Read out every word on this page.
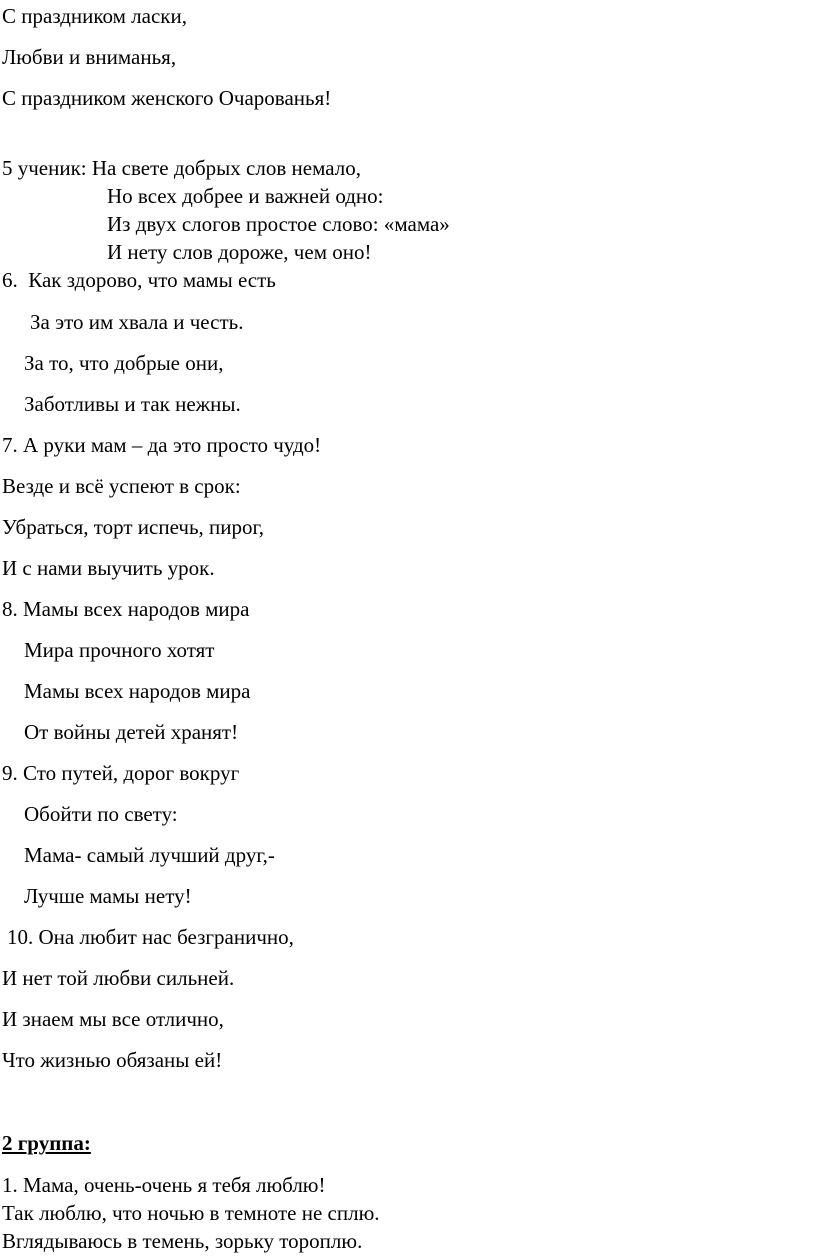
С праздником ласки,
Любви и вниманья,
С праздником женского Очарованья!
5 ученик: На свете добрых слов немало,
Но всех добрее и важней одно:
Из двух слогов простое слово: «мама»
И нету слов дороже, чем оно!
6.  Как здорово, что мамы есть
За это им хвала и честь.
За то, что добрые они,
Заботливы и так нежны.
7. А руки мам – да это просто чудо!
Везде и всё успеют в срок:
Убраться, торт испечь, пирог,
И с нами выучить урок.
8. Мамы всех народов мира
Мира прочного хотят
Мамы всех народов мира
От войны детей хранят!
9. Сто путей, дорог вокруг
Обойти по свету:
Мама- самый лучший друг,-
Лучше мамы нету!
10. Она любит нас безгранично,
И нет той любви сильней.
И знаем мы все отлично,
Что жизнью обязаны ей!
2 группа:
1. Мама, очень-очень я тебя люблю!
Так люблю, что ночью в темноте не сплю.
Вглядываюсь в темень, зорьку тороплю.
